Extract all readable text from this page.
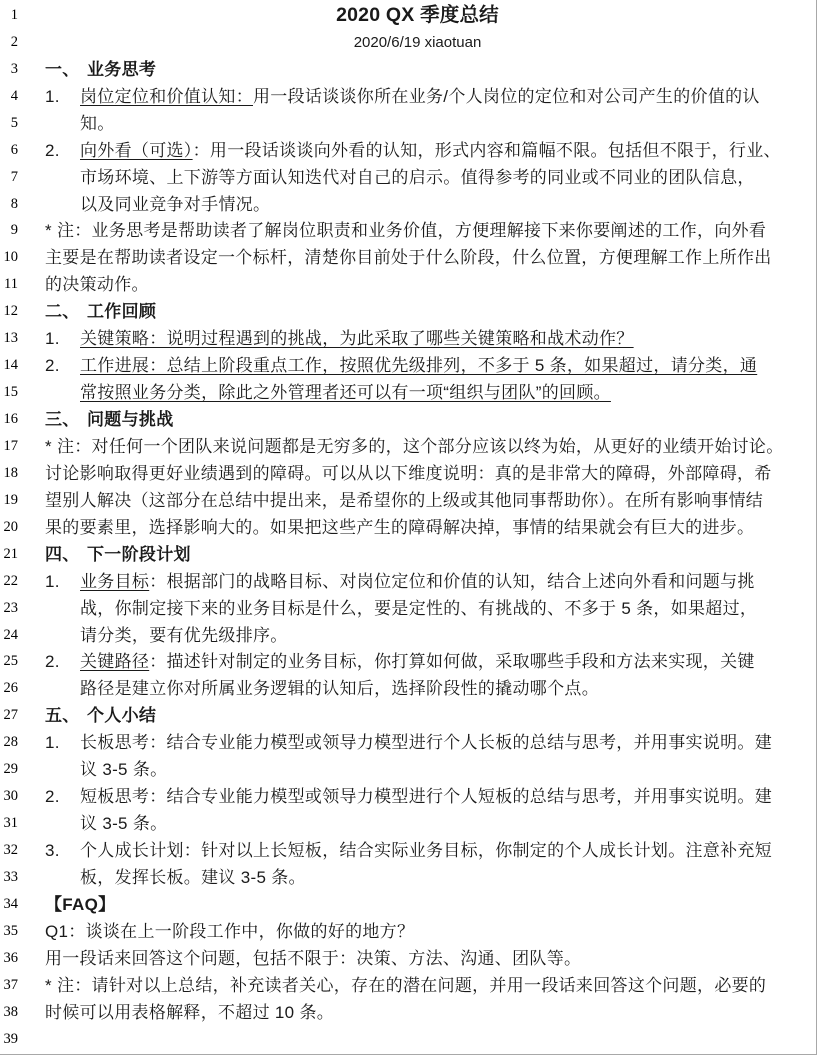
1	2020 QX 季度总结
2	2020/6/19 xiaotuan
3 一、 业务思考
4 1. 岗位定位和价值认知：用一段话谈谈你所在业务/个人岗位的定位和对公司产生的价值的认
5	知。
6 2. 向外看（可选）：用一段话谈谈向外看的认知，形式内容和篇幅不限。包括但不限于，行业、
7	市场环境、上下游等方面认知迭代对自己的启示。值得参考的同业或不同业的团队信息，
8	以及同业竞争对手情况。
9 * 注：业务思考是帮助读者了解岗位职责和业务价值，方便理解接下来你要阐述的工作，向外看
10 主要是在帮助读者设定一个标杆，清楚你目前处于什么阶段，什么位置，方便理解工作上所作出
11 的决策动作。
12 二、 工作回顾
13 1. 关键策略：说明过程遇到的挑战，为此采取了哪些关键策略和战术动作？
14 2. 工作进展：总结上阶段重点工作，按照优先级排列，不多于 5 条，如果超过，请分类，通
15	常按照业务分类，除此之外管理者还可以有一项“组织与团队”的回顾。
16 三、 问题与挑战
17 * 注：对任何一个团队来说问题都是无穷多的，这个部分应该以终为始，从更好的业绩开始讨论。
18 讨论影响取得更好业绩遇到的障碍。可以从以下维度说明：真的是非常大的障碍，外部障碍，希
19 望别人解决（这部分在总结中提出来，是希望你的上级或其他同事帮助你）。在所有影响事情结
20 果的要素里，选择影响大的。如果把这些产生的障碍解决掉，事情的结果就会有巨大的进步。
21 四、 下一阶段计划
22 1. 业务目标：根据部门的战略目标、对岗位定位和价值的认知，结合上述向外看和问题与挑
23	战，你制定接下来的业务目标是什么，要是定性的、有挑战的、不多于 5 条，如果超过，
24	请分类，要有优先级排序。
25 2. 关键路径：描述针对制定的业务目标，你打算如何做，采取哪些手段和方法来实现，关键
26	路径是建立你对所属业务逻辑的认知后，选择阶段性的撬动哪个点。
27 五、 个人小结
28 1. 长板思考：结合专业能力模型或领导力模型进行个人长板的总结与思考，并用事实说明。建
29	议 3-5 条。
30 2. 短板思考：结合专业能力模型或领导力模型进行个人短板的总结与思考，并用事实说明。建
31	议 3-5 条。
32 3. 个人成长计划：针对以上长短板，结合实际业务目标，你制定的个人成长计划。注意补充短
33	板，发挥长板。建议 3-5 条。
34 【FAQ】
35 Q1：谈谈在上一阶段工作中，你做的好的地方？
36 用一段话来回答这个问题，包括不限于：决策、方法、沟通、团队等。
37 * 注：请针对以上总结，补充读者关心，存在的潜在问题，并用一段话来回答这个问题，必要的
38 时候可以用表格解释，不超过 10 条。
39
